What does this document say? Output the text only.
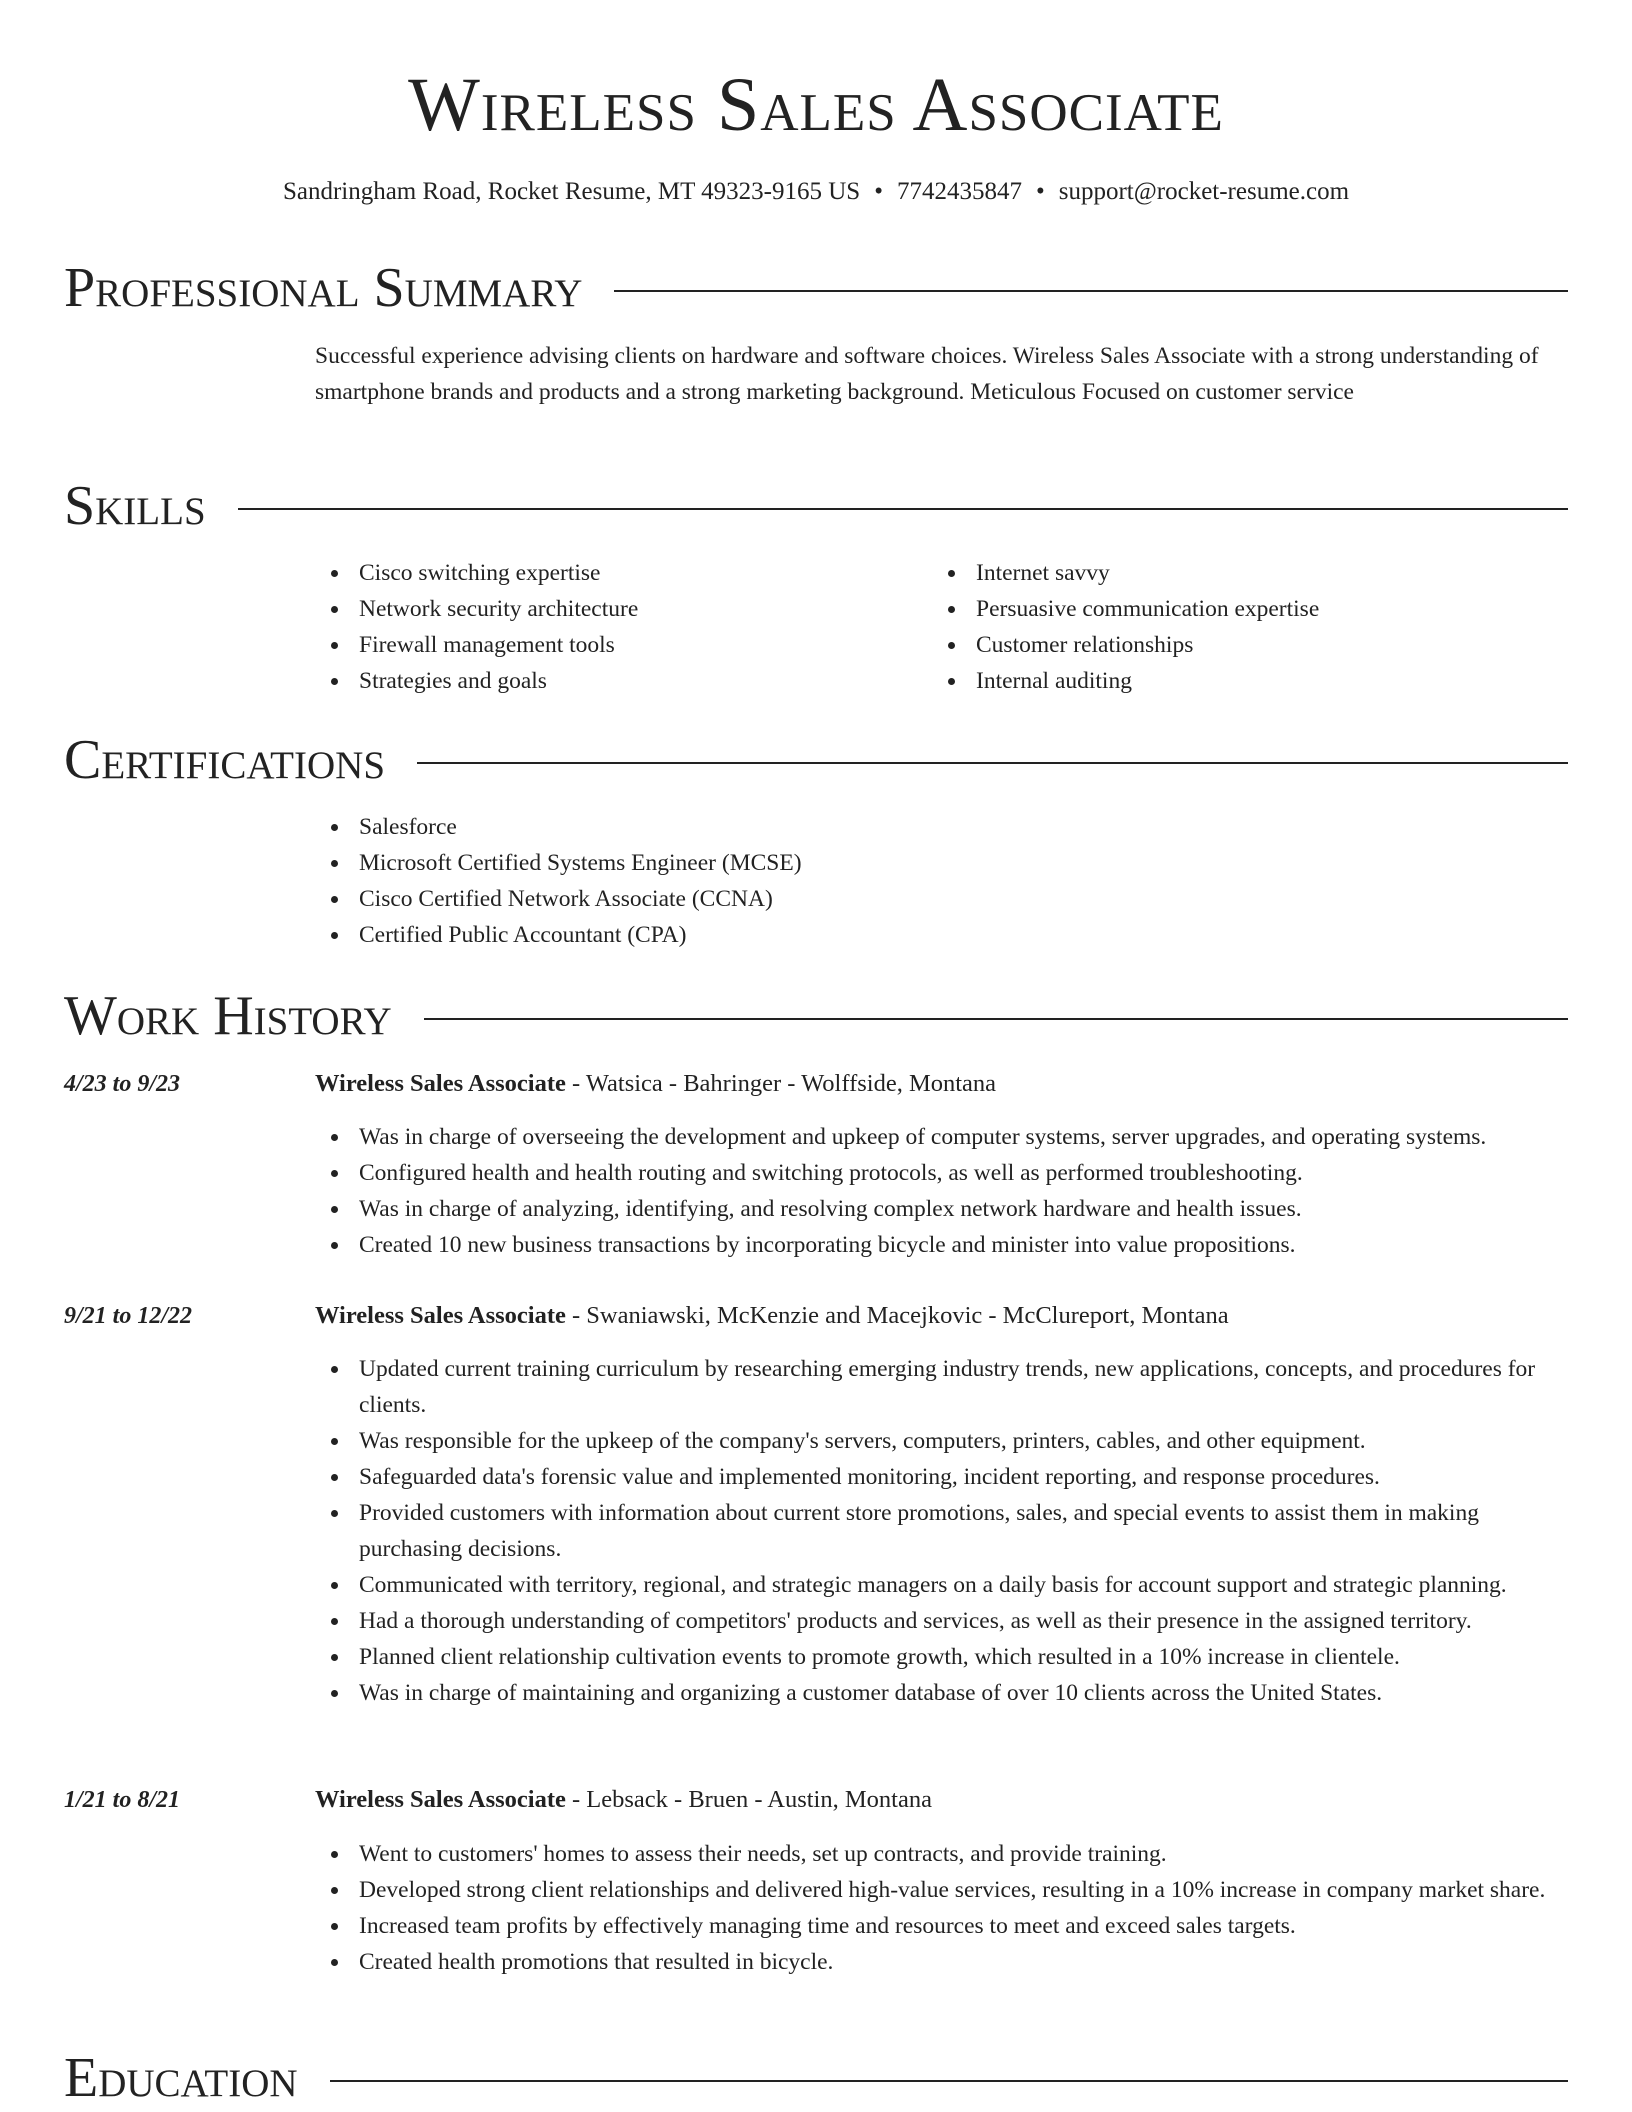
Wireless Sales Associate
Sandringham Road, Rocket Resume, MT 49323-9165 US • 7742435847 • support@rocket-resume.com
Professional Summary
Successful experience advising clients on hardware and software choices. Wireless Sales Associate with a strong understanding of smartphone brands and products and a strong marketing background. Meticulous Focused on customer service
Skills
Cisco switching expertise
Network security architecture
Firewall management tools
Strategies and goals
Internet savvy
Persuasive communication expertise
Customer relationships
Internal auditing
Certifications
Salesforce
Microsoft Certified Systems Engineer (MCSE)
Cisco Certified Network Associate (CCNA)
Certified Public Accountant (CPA)
Work History
4/23 to 9/23	Wireless Sales Associate - Watsica - Bahringer - Wolffside, Montana
Was in charge of overseeing the development and upkeep of computer systems, server upgrades, and operating systems.
Configured health and health routing and switching protocols, as well as performed troubleshooting.
Was in charge of analyzing, identifying, and resolving complex network hardware and health issues.
Created 10 new business transactions by incorporating bicycle and minister into value propositions.
9/21 to 12/22	Wireless Sales Associate - Swaniawski, McKenzie and Macejkovic - McClureport, Montana
Updated current training curriculum by researching emerging industry trends, new applications, concepts, and procedures for clients.
Was responsible for the upkeep of the company's servers, computers, printers, cables, and other equipment.
Safeguarded data's forensic value and implemented monitoring, incident reporting, and response procedures.
Provided customers with information about current store promotions, sales, and special events to assist them in making purchasing decisions.
Communicated with territory, regional, and strategic managers on a daily basis for account support and strategic planning.
Had a thorough understanding of competitors' products and services, as well as their presence in the assigned territory.
Planned client relationship cultivation events to promote growth, which resulted in a 10% increase in clientele.
Was in charge of maintaining and organizing a customer database of over 10 clients across the United States.
1/21 to 8/21	Wireless Sales Associate - Lebsack - Bruen - Austin, Montana
Went to customers' homes to assess their needs, set up contracts, and provide training.
Developed strong client relationships and delivered high-value services, resulting in a 10% increase in company market share.
Increased team profits by effectively managing time and resources to meet and exceed sales targets.
Created health promotions that resulted in bicycle.
Education
